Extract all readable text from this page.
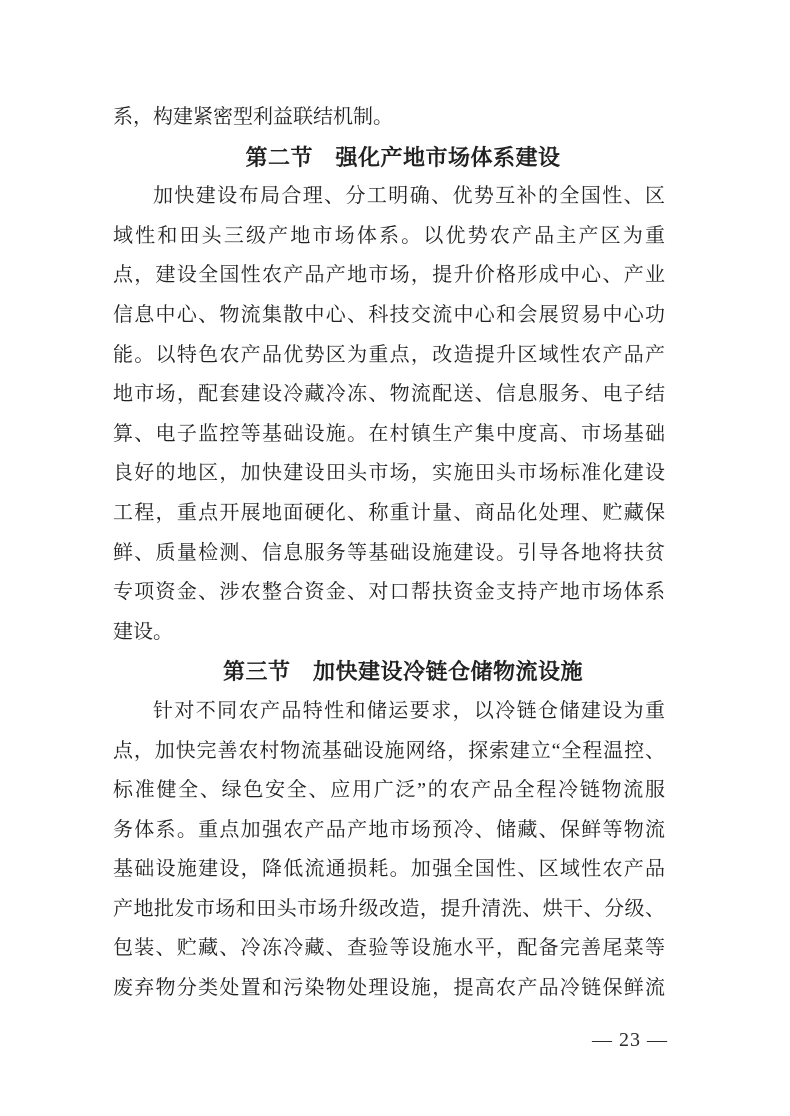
系，构建紧密型利益联结机制。
第二节　强化产地市场体系建设
加快建设布局合理、分工明确、优势互补的全国性、区
域性和田头三级产地市场体系。以优势农产品主产区为重
点，建设全国性农产品产地市场，提升价格形成中心、产业
信息中心、物流集散中心、科技交流中心和会展贸易中心功
能。以特色农产品优势区为重点，改造提升区域性农产品产
地市场，配套建设冷藏冷冻、物流配送、信息服务、电子结
算、电子监控等基础设施。在村镇生产集中度高、市场基础
良好的地区，加快建设田头市场，实施田头市场标准化建设
工程，重点开展地面硬化、称重计量、商品化处理、贮藏保
鲜、质量检测、信息服务等基础设施建设。引导各地将扶贫
专项资金、涉农整合资金、对口帮扶资金支持产地市场体系
建设。
第三节　加快建设冷链仓储物流设施
针对不同农产品特性和储运要求，以冷链仓储建设为重
点，加快完善农村物流基础设施网络，探索建立“全程温控、
标准健全、绿色安全、应用广泛”的农产品全程冷链物流服
务体系。重点加强农产品产地市场预冷、储藏、保鲜等物流
基础设施建设，降低流通损耗。加强全国性、区域性农产品
产地批发市场和田头市场升级改造，提升清洗、烘干、分级、
包装、贮藏、冷冻冷藏、查验等设施水平，配备完善尾菜等
废弃物分类处置和污染物处理设施，提高农产品冷链保鲜流
— 23 —
